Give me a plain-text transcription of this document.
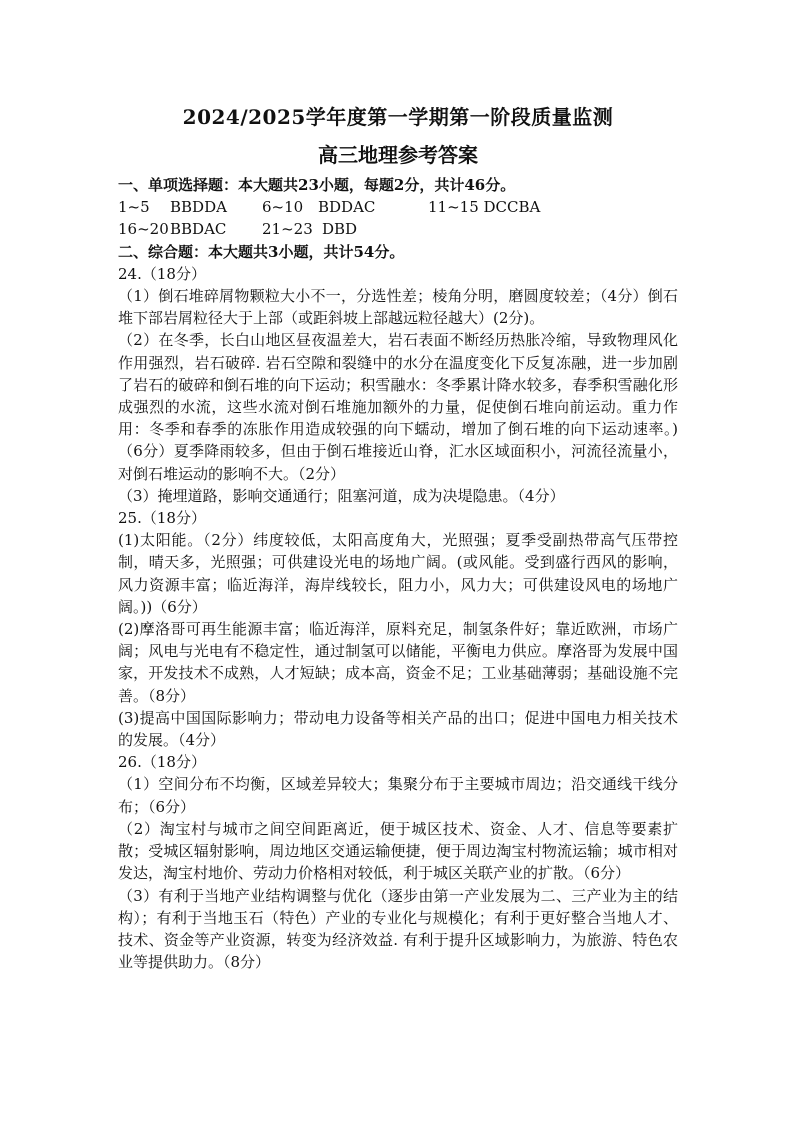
2024/2025学年度第一学期第一阶段质量监测
高三地理参考答案
一、单项选择题：本大题共23小题，每题2分，共计46分。
1~5	BBDDA	6~10 BDDAC	11~15 DCCBA
16~20 BBDAC	21~23 DBD
二、综合题：本大题共3小题，共计54分。
24.（18分）

（1）倒石堆碎屑物颗粒大小不一，分选性差；棱角分明，磨圆度较差；（4分）倒石堆下部岩屑粒径大于上部（或距斜坡上部越远粒径越大）(2分)。

（2）在冬季，长白山地区昼夜温差大，岩石表面不断经历热胀冷缩，导致物理风化作用强烈，岩石破碎. 岩石空隙和裂缝中的水分在温度变化下反复冻融，进一步加剧了岩石的破碎和倒石堆的向下运动；积雪融水：冬季累计降水较多，春季积雪融化形成强烈的水流，这些水流对倒石堆施加额外的力量，促使倒石堆向前运动。重力作用：冬季和春季的冻胀作用造成较强的向下蠕动，增加了倒石堆的向下运动速率。)（6分）夏季降雨较多，但由于倒石堆接近山脊，汇水区域面积小，河流径流量小，对倒石堆运动的影响不大。（2分）

（3）掩埋道路，影响交通通行；阻塞河道，成为决堤隐患。（4分）

25.（18分）

(1)太阳能。（2分）纬度较低，太阳高度角大，光照强；夏季受副热带高气压带控制，晴天多，光照强；可供建设光电的场地广阔。(或风能。受到盛行西风的影响，风力资源丰富；临近海洋，海岸线较长，阻力小，风力大；可供建设风电的场地广阔。))（6分）

(2)摩洛哥可再生能源丰富；临近海洋，原料充足，制氢条件好；靠近欧洲，市场广阔；风电与光电有不稳定性，通过制氢可以储能，平衡电力供应。摩洛哥为发展中国家，开发技术不成熟，人才短缺；成本高，资金不足；工业基础薄弱；基础设施不完善。（8分）

(3)提高中国国际影响力；带动电力设备等相关产品的出口；促进中国电力相关技术的发展。（4分）

26.（18分）

（1）空间分布不均衡，区域差异较大；集聚分布于主要城市周边；沿交通线干线分布；（6分）

（2）淘宝村与城市之间空间距离近，便于城区技术、资金、人才、信息等要素扩散；受城区辐射影响，周边地区交通运输便捷，便于周边淘宝村物流运输；城市相对发达，淘宝村地价、劳动力价格相对较低，利于城区关联产业的扩散。（6分）

（3）有利于当地产业结构调整与优化（逐步由第一产业发展为二、三产业为主的结构）；有利于当地玉石（特色）产业的专业化与规模化；有利于更好整合当地人才、技术、资金等产业资源，转变为经济效益. 有利于提升区域影响力，为旅游、特色农业等提供助力。（8分）
